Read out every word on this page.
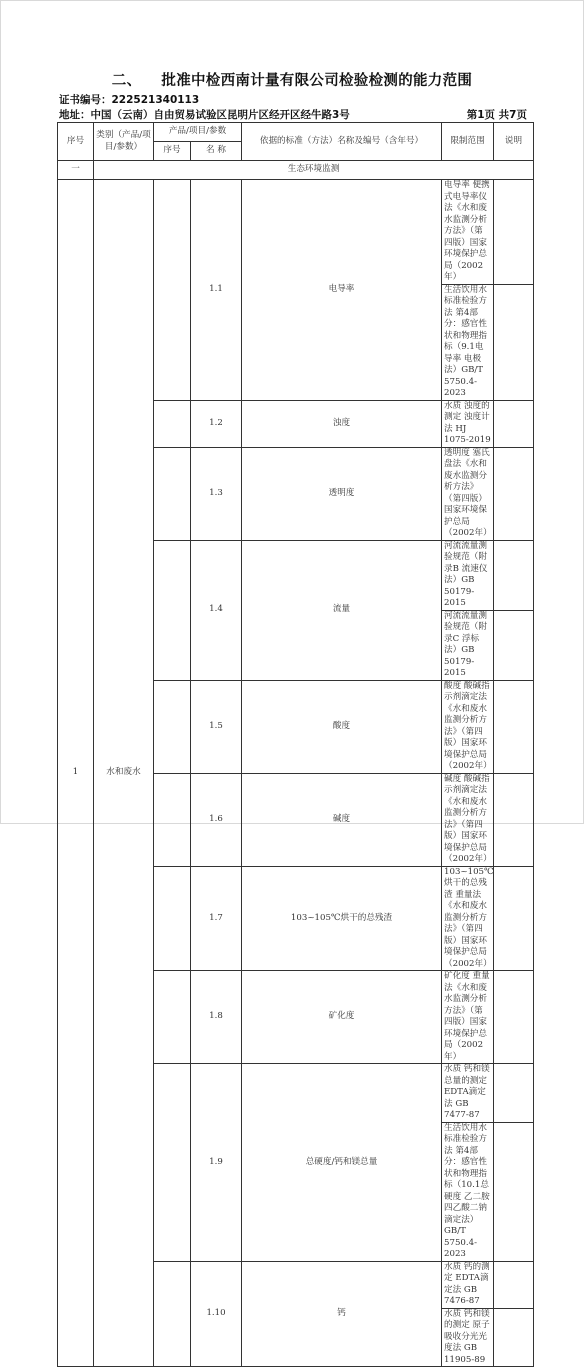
二、 批准中检西南计量有限公司检验检测的能力范围
证书编号：222521340113
地址：中国（云南）自由贸易试验区昆明片区经开区经牛路3号	第1页 共7页
序号	类别（产品/项目/参数）	产品/项目/参数		依据的标准（方法）名称及编号（含年号）	限制范围	说明	
		序号	名 称				
一	生态环境监测						
1	水和废水		1.1	电导率	电导率 便携式电导率仪法《水和废水监测分析方法》（第四版）国家环境保护总局（2002年）		
					生活饮用水标准检验方法 第4部分：感官性状和物理指标（9.1电导率 电极法）GB/T 5750.4-2023		
			1.2	浊度	水质 浊度的测定 浊度计法 HJ 1075-2019		
			1.3	透明度	透明度 塞氏盘法《水和废水监测分析方法》（第四版）国家环境保护总局（2002年）		
			1.4	流量	河流流量测验规范（附录B 流速仪法）GB 50179-2015		
					河流流量测验规范（附录C 浮标法）GB 50179-2015		
			1.5	酸度	酸度 酸碱指示剂滴定法《水和废水监测分析方法》（第四版）国家环境保护总局（2002年）		
			1.6	碱度	碱度 酸碱指示剂滴定法《水和废水监测分析方法》（第四版）国家环境保护总局（2002年）		
			1.7	103~105℃烘干的总残渣	103~105℃烘干的总残渣 重量法《水和废水监测分析方法》（第四版）国家环境保护总局（2002年）		
			1.8	矿化度	矿化度 重量法《水和废水监测分析方法》（第四版）国家环境保护总局（2002年）		
			1.9	总硬度/钙和镁总量	水质 钙和镁总量的测定 EDTA滴定法 GB 7477-87		
					生活饮用水标准检验方法 第4部分：感官性状和物理指标（10.1总硬度 乙二胺四乙酸二钠滴定法）GB/T 5750.4-2023		
			1.10	钙	水质 钙的测定 EDTA滴定法 GB 7476-87		
					水质 钙和镁的测定 原子吸收分光光度法 GB 11905-89		
